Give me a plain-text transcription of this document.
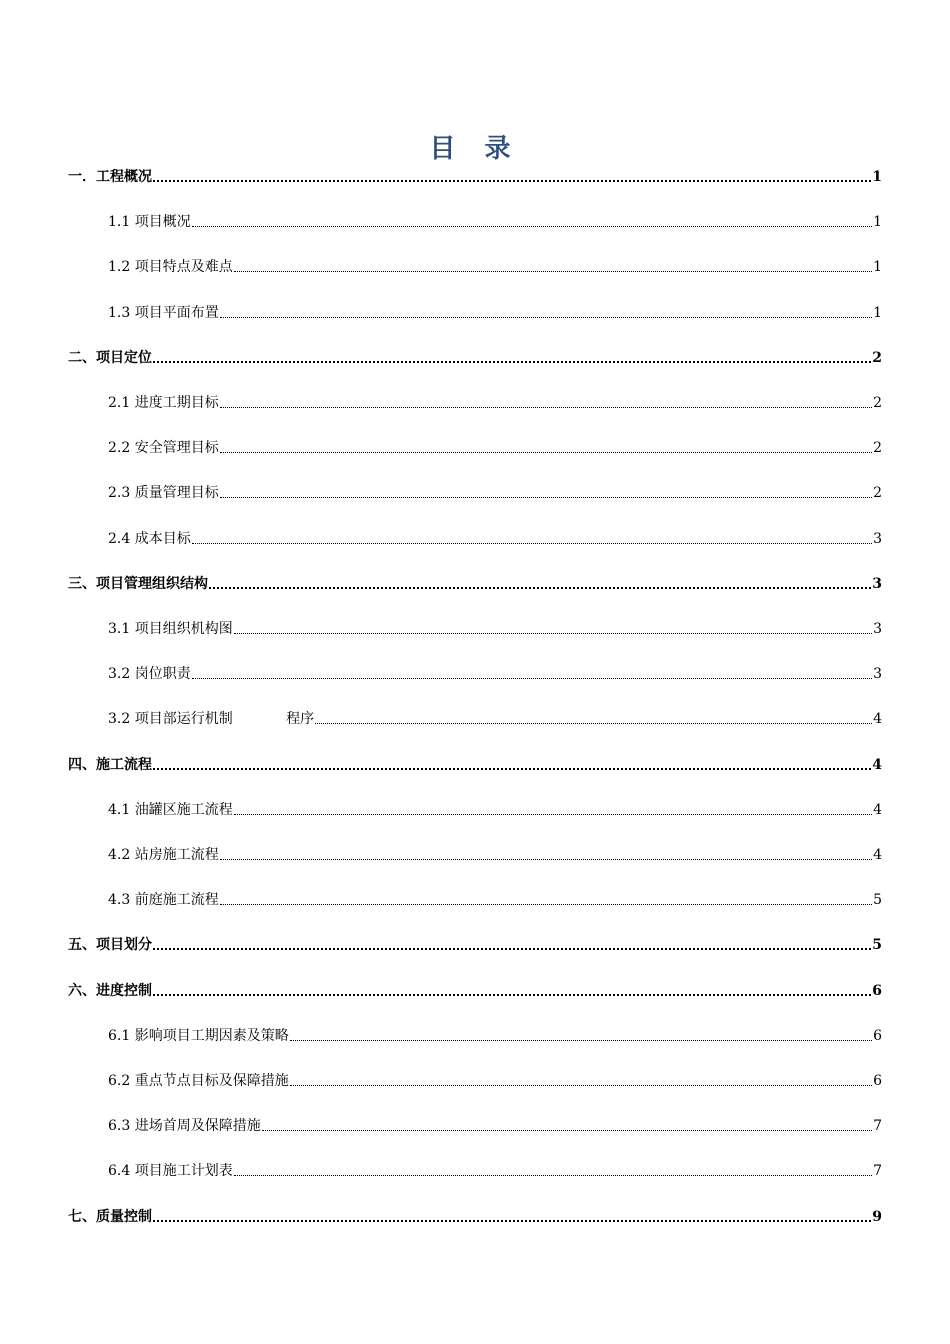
目 录
一．工程概况	1
1.1 项目概况	1
1.2 项目特点及难点	1
1.3 项目平面布置	1
二、项目定位	2
2.1 进度工期目标	2
2.2 安全管理目标	2
2.3 质量管理目标	2
2.4 成本目标	3
三、项目管理组织结构	3
3.1 项目组织机构图	3
3.2 岗位职责	3
3.2 项目部运行机制            程序	4
四、施工流程	4
4.1 油罐区施工流程	4
4.2 站房施工流程	4
4.3 前庭施工流程	5
五、项目划分	5
六、进度控制	6
6.1 影响项目工期因素及策略	6
6.2 重点节点目标及保障措施	6
6.3 进场首周及保障措施	7
6.4 项目施工计划表	7
七、质量控制	9
